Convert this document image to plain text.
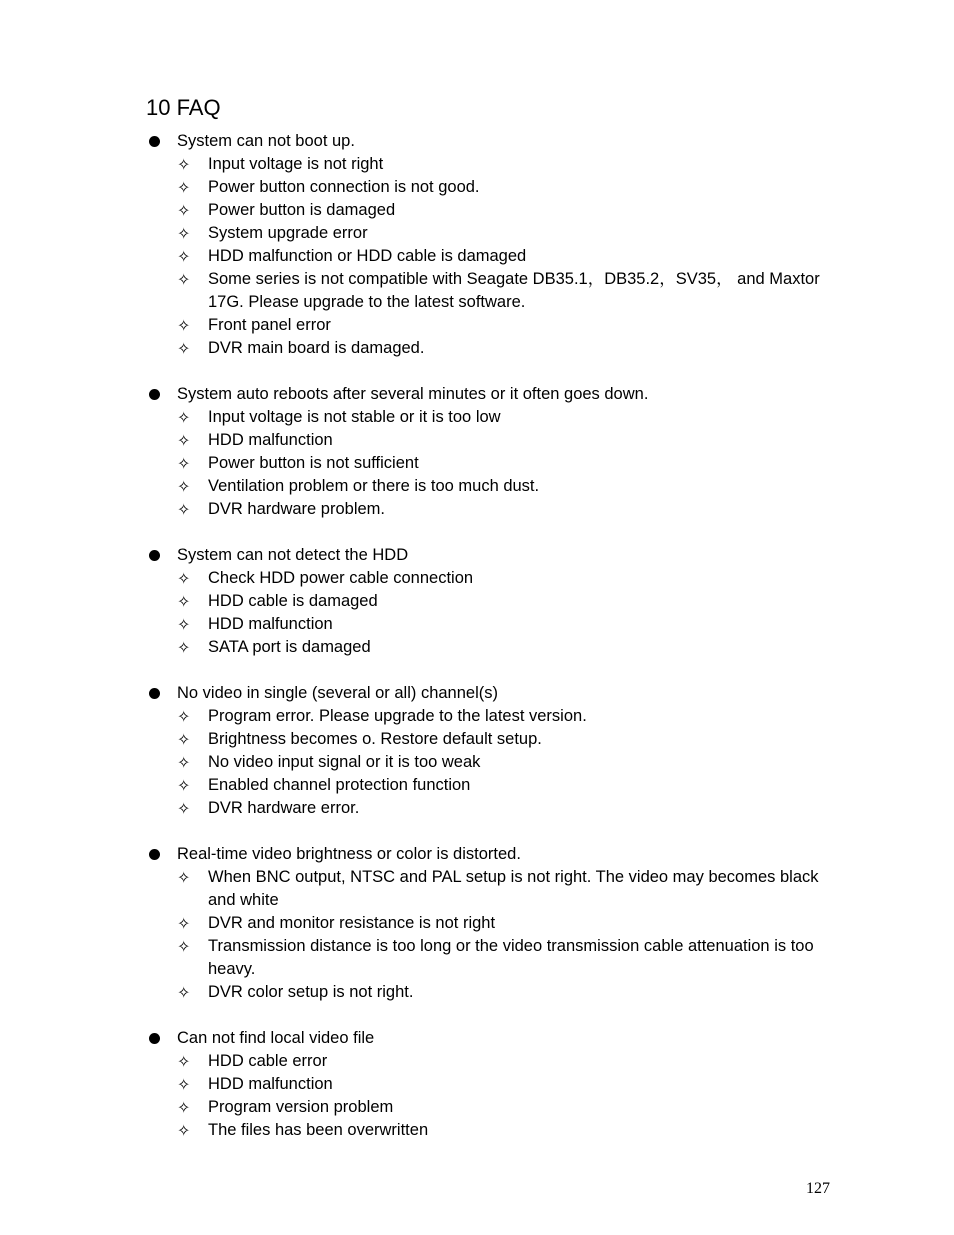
10 FAQ
System can not boot up.
✧ Input voltage is not right
✧ Power button connection is not good.
✧ Power button is damaged
✧ System upgrade error
✧ HDD malfunction or HDD cable is damaged
✧ Some series is not compatible with Seagate DB35.1，DB35.2，SV35， and Maxtor 17G. Please upgrade to the latest software.
✧ Front panel error
✧ DVR main board is damaged.
System auto reboots after several minutes or it often goes down.
✧ Input voltage is not stable or it is too low
✧ HDD malfunction
✧ Power button is not sufficient
✧ Ventilation problem or there is too much dust.
✧ DVR hardware problem.
System can not detect the HDD
✧ Check HDD power cable connection
✧ HDD cable is damaged
✧ HDD malfunction
✧ SATA port is damaged
No video in single (several or all) channel(s)
✧ Program error. Please upgrade to the latest version.
✧ Brightness becomes o. Restore default setup.
✧ No video input signal or it is too weak
✧ Enabled channel protection function
✧ DVR hardware error.
Real-time video brightness or color is distorted.
✧ When BNC output, NTSC and PAL setup is not right. The video may becomes black and white
✧ DVR and monitor resistance is not right
✧ Transmission distance is too long or the video transmission cable attenuation is too heavy.
✧ DVR color setup is not right.
Can not find local video file
✧ HDD cable error
✧ HDD malfunction
✧ Program version problem
✧ The files has been overwritten
127
